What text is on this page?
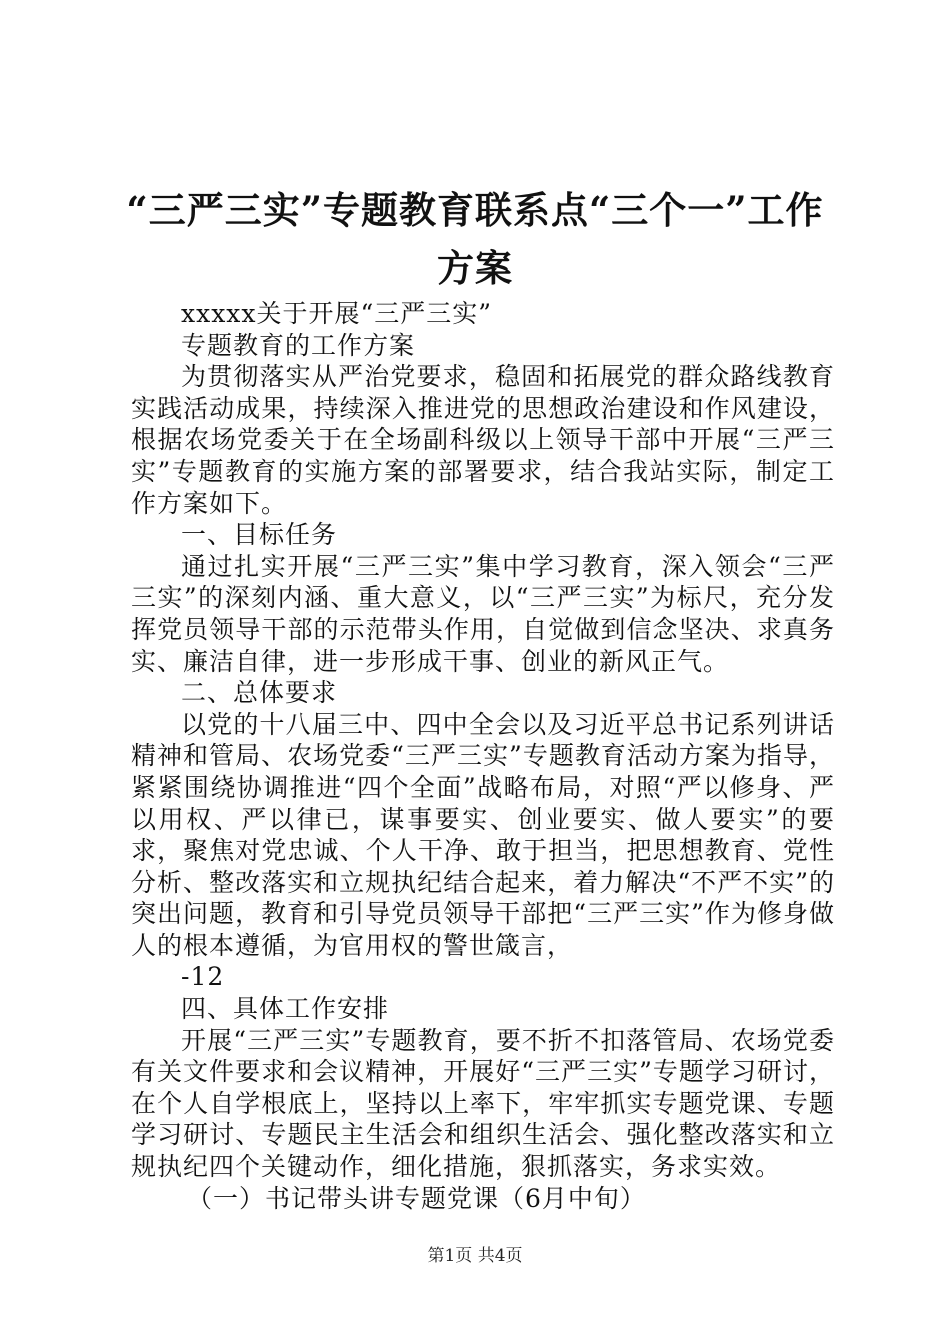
“三严三实”专题教育联系点“三个一”工作
方案

xxxxx关于开展“三严三实”

专题教育的工作方案

为贯彻落实从严治党要求，稳固和拓展党的群众路线教育实践活动成果，持续深入推进党的思想政治建设和作风建设，根据农场党委关于在全场副科级以上领导干部中开展“三严三实”专题教育的实施方案的部署要求，结合我站实际，制定工作方案如下。

一、目标任务

通过扎实开展“三严三实”集中学习教育，深入领会“三严三实”的深刻内涵、重大意义，以“三严三实”为标尺，充分发挥党员领导干部的示范带头作用，自觉做到信念坚决、求真务实、廉洁自律，进一步形成干事、创业的新风正气。

二、总体要求

以党的十八届三中、四中全会以及习近平总书记系列讲话精神和管局、农场党委“三严三实”专题教育活动方案为指导，紧紧围绕协调推进“四个全面”战略布局，对照“严以修身、严以用权、严以律已，谋事要实、创业要实、做人要实”的要求，聚焦对党忠诚、个人干净、敢于担当，把思想教育、党性分析、整改落实和立规执纪结合起来，着力解决“不严不实”的突出问题，教育和引导党员领导干部把“三严三实”作为修身做人的根本遵循，为官用权的警世箴言，

-12

四、具体工作安排

开展“三严三实”专题教育，要不折不扣落管局、农场党委有关文件要求和会议精神，开展好“三严三实”专题学习研讨，在个人自学根底上，坚持以上率下，牢牢抓实专题党课、专题学习研讨、专题民主生活会和组织生活会、强化整改落实和立规执纪四个关键动作，细化措施，狠抓落实，务求实效。

（一）书记带头讲专题党课（6月中旬）

第1页 共4页
